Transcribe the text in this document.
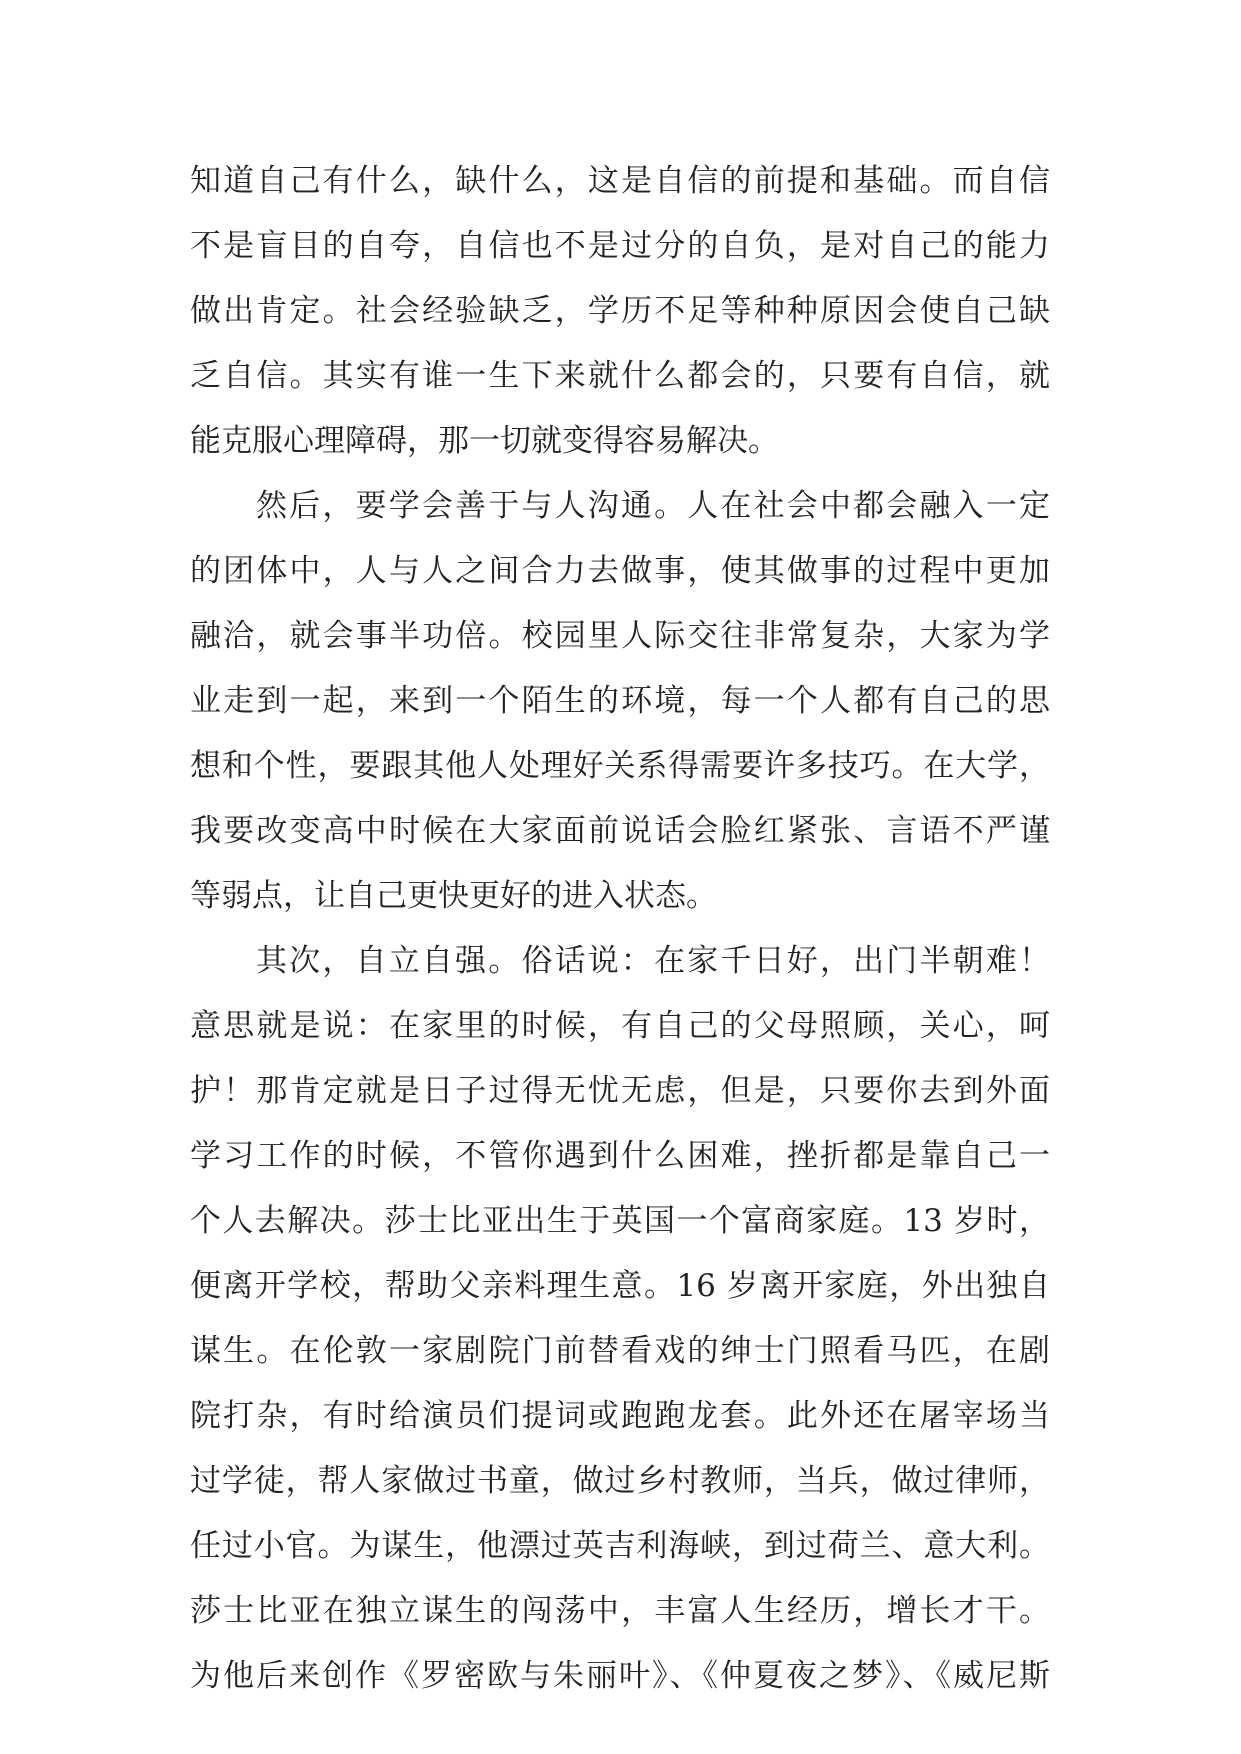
知道自己有什么，缺什么，这是自信的前提和基础。而自信
不是盲目的自夸，自信也不是过分的自负，是对自己的能力
做出肯定。社会经验缺乏，学历不足等种种原因会使自己缺
乏自信。其实有谁一生下来就什么都会的，只要有自信，就
能克服心理障碍，那一切就变得容易解决。
然后，要学会善于与人沟通。人在社会中都会融入一定
的团体中，人与人之间合力去做事，使其做事的过程中更加
融洽，就会事半功倍。校园里人际交往非常复杂，大家为学
业走到一起，来到一个陌生的环境，每一个人都有自己的思
想和个性，要跟其他人处理好关系得需要许多技巧。在大学，
我要改变高中时候在大家面前说话会脸红紧张、言语不严谨
等弱点，让自己更快更好的进入状态。
其次，自立自强。俗话说：在家千日好，出门半朝难！
意思就是说：在家里的时候，有自己的父母照顾，关心，呵
护！那肯定就是日子过得无忧无虑，但是，只要你去到外面
学习工作的时候，不管你遇到什么困难，挫折都是靠自己一
个人去解决。莎士比亚出生于英国一个富商家庭。13 岁时，
便离开学校，帮助父亲料理生意。16 岁离开家庭，外出独自
谋生。在伦敦一家剧院门前替看戏的绅士门照看马匹，在剧
院打杂，有时给演员们提词或跑跑龙套。此外还在屠宰场当
过学徒，帮人家做过书童，做过乡村教师，当兵，做过律师，
任过小官。为谋生，他漂过英吉利海峡，到过荷兰、意大利。
莎士比亚在独立谋生的闯荡中，丰富人生经历，增长才干。
为他后来创作《罗密欧与朱丽叶》、《仲夏夜之梦》、《威尼斯
